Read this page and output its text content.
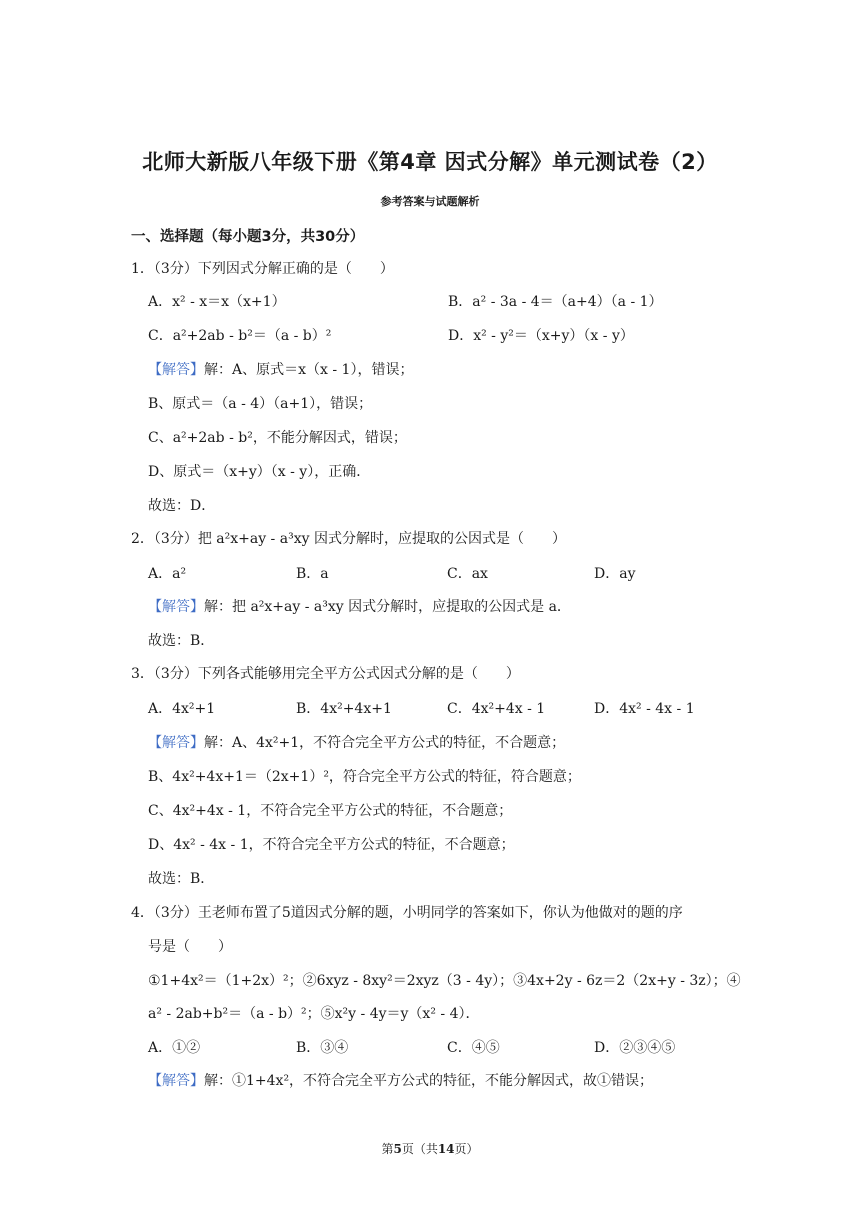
北师大新版八年级下册《第4章 因式分解》单元测试卷（2）
参考答案与试题解析
一、选择题（每小题3分，共30分）
1．（3分）下列因式分解正确的是（　　）
A．x² - x＝x（x+1）	B．a² - 3a - 4＝（a+4）（a - 1）
C．a²+2ab - b²＝（a - b）²	D．x² - y²＝（x+y）（x - y）
【解答】解：A、原式＝x（x - 1），错误；
B、原式＝（a - 4）（a+1），错误；
C、a²+2ab - b²，不能分解因式，错误；
D、原式＝（x+y）（x - y），正确．
故选：D．
2．（3分）把 a²x+ay - a³xy 因式分解时，应提取的公因式是（　　）
A．a²	B．a	C．ax	D．ay
【解答】解：把 a²x+ay - a³xy 因式分解时，应提取的公因式是 a．
故选：B．
3．（3分）下列各式能够用完全平方公式因式分解的是（　　）
A．4x²+1	B．4x²+4x+1	C．4x²+4x - 1	D．4x² - 4x - 1
【解答】解：A、4x²+1，不符合完全平方公式的特征，不合题意；
B、4x²+4x+1＝（2x+1）²，符合完全平方公式的特征，符合题意；
C、4x²+4x - 1，不符合完全平方公式的特征，不合题意；
D、4x² - 4x - 1，不符合完全平方公式的特征，不合题意；
故选：B．
4．（3分）王老师布置了5道因式分解的题，小明同学的答案如下，你认为他做对的题的序
号是（　　）
①1+4x²＝（1+2x）²；②6xyz - 8xy²＝2xyz（3 - 4y）；③4x+2y - 6z＝2（2x+y - 3z）；④
a² - 2ab+b²＝（a - b）²；⑤x²y - 4y＝y（x² - 4）．
A．①②	B．③④	C．④⑤	D．②③④⑤
【解答】解：①1+4x²，不符合完全平方公式的特征，不能分解因式，故①错误；
第5页（共14页）
